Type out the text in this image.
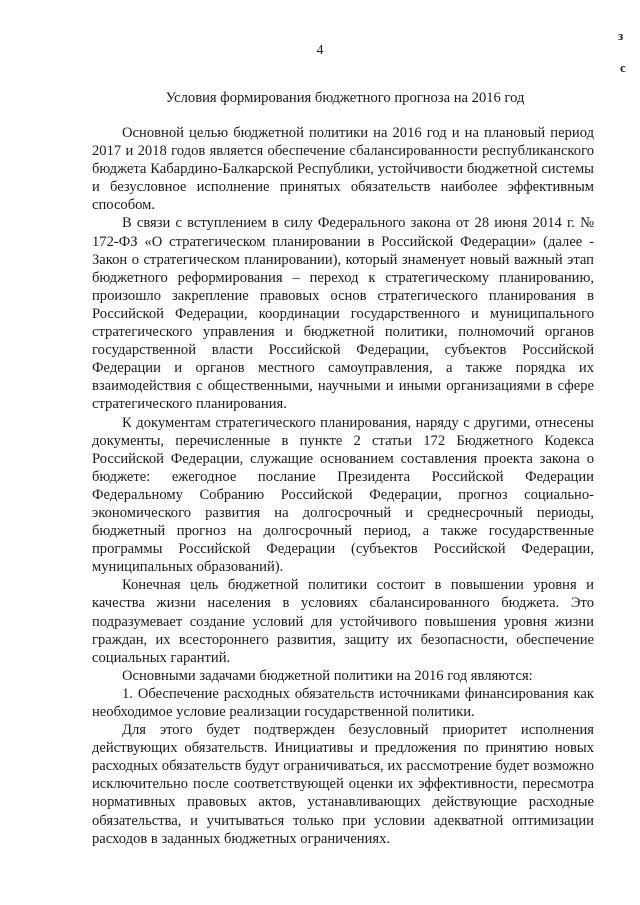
4
з
с
Условия формирования бюджетного прогноза на 2016 год

Основной целью бюджетной политики на 2016 год и на плановый период 2017 и 2018 годов является обеспечение сбалансированности республиканского бюджета Кабардино-Балкарской Республики, устойчивости бюджетной системы и безусловное исполнение принятых обязательств наиболее эффективным способом.

В связи с вступлением в силу Федерального закона от 28 июня 2014 г. № 172-ФЗ «О стратегическом планировании в Российской Федерации» (далее - Закон о стратегическом планировании), который знаменует новый важный этап бюджетного реформирования – переход к стратегическому планированию, произошло закрепление правовых основ стратегического планирования в Российской Федерации, координации государственного и муниципального стратегического управления и бюджетной политики, полномочий органов государственной власти Российской Федерации, субъектов Российской Федерации и органов местного самоуправления, а также порядка их взаимодействия с общественными, научными и иными организациями в сфере стратегического планирования.

К документам стратегического планирования, наряду с другими, отнесены документы, перечисленные в пункте 2 статьи 172 Бюджетного Кодекса Российской Федерации, служащие основанием составления проекта закона о бюджете: ежегодное послание Президента Российской Федерации Федеральному Собранию Российской Федерации, прогноз социально-экономического развития на долгосрочный и среднесрочный периоды, бюджетный прогноз на долгосрочный период, а также государственные программы Российской Федерации (субъектов Российской Федерации, муниципальных образований).

Конечная цель бюджетной политики состоит в повышении уровня и качества жизни населения в условиях сбалансированного бюджета. Это подразумевает создание условий для устойчивого повышения уровня жизни граждан, их всестороннего развития, защиту их безопасности, обеспечение социальных гарантий.

Основными задачами бюджетной политики на 2016 год являются:

1. Обеспечение расходных обязательств источниками финансирования как необходимое условие реализации государственной политики.

Для этого будет подтвержден безусловный приоритет исполнения действующих обязательств. Инициативы и предложения по принятию новых расходных обязательств будут ограничиваться, их рассмотрение будет возможно исключительно после соответствующей оценки их эффективности, пересмотра нормативных правовых актов, устанавливающих действующие расходные обязательства, и учитываться только при условии адекватной оптимизации расходов в заданных бюджетных ограничениях.
